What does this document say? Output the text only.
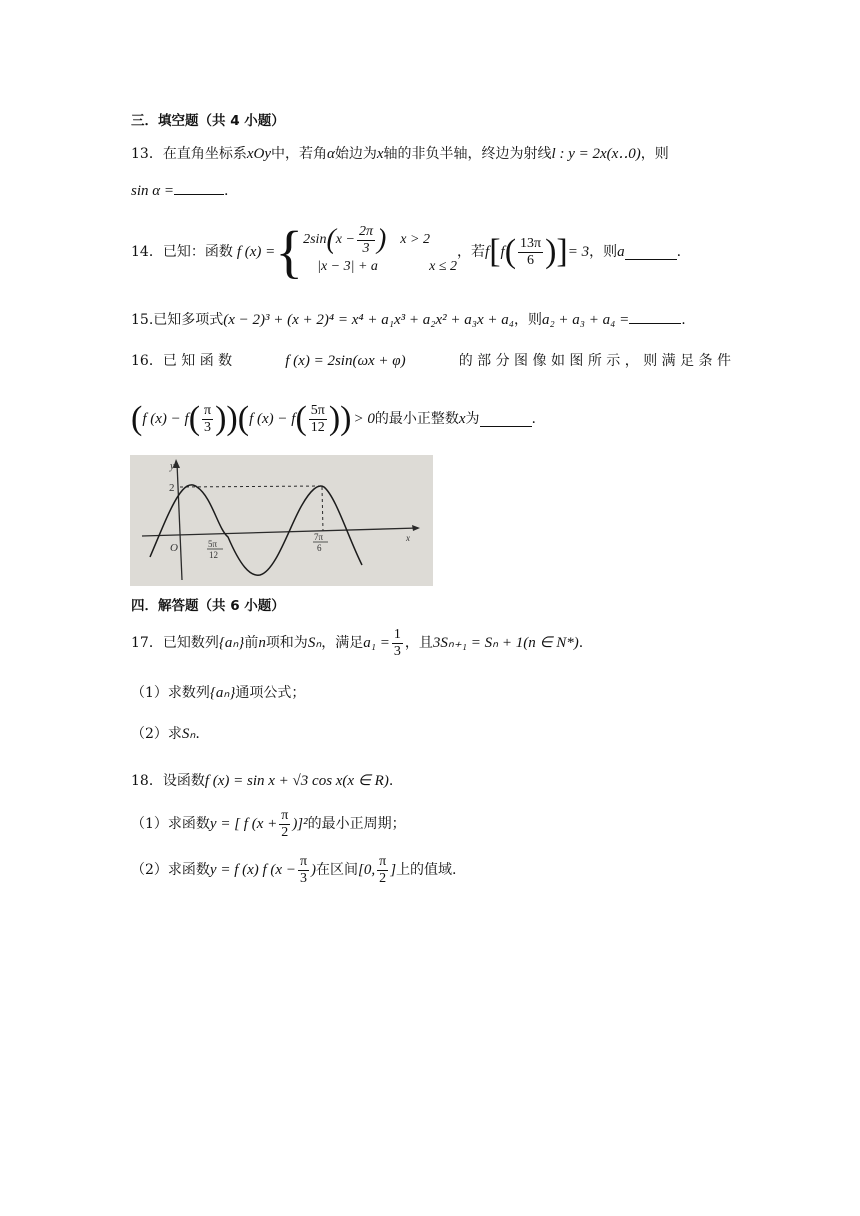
三．填空题（共 4 小题）
13．在直角坐标系xOy中，若角α始边为x轴的非负半轴，终边为射线l : y = 2x(x‥0)，则
sin α =	.
14．已知：函数 f (x) = { 2sin ( $x - \frac{2\pi}{3}$ ) x > 2
|x − 3| + a	x ≤ 2
，若 f [ f ( $\frac{13\pi}{6}$ ) ] = 3 ，则 a	.
15.已知多项式(x − 2)³ + (x + 2)⁴ = x⁴ + a₁x³ + a₂x² + a₃x + a₄，则a₂ + a₃ + a₄ =	.
16．已 知 函 数	f (x) = 2sin(ωx + φ)	的 部 分 图 像 如 图 所 示 ， 则 满 足 条 件
( f (x) − f ( $\frac{\pi}{3}$ ) ) ( f (x) − f ( $\frac{5\pi}{12}$ ) ) > 0 的最小正整数 x 为	.
y
x
O
2
5π
12
7π
6
四．解答题（共 6 小题）
17．已知数列 {aₙ} 前 n 项和为 Sₙ ，满足 $a_1 = \frac{1}{3}$ ，且 3Sₙ₊₁ = Sₙ + 1(n ∈ N*) .
（1）求数列{aₙ}通项公式；
（2）求Sₙ.
18．设函数f (x) = sin x + √3 cos x(x ∈ R).
（1）求函数 y = [ f $(x + \frac{\pi}{2} )]^2$ 的最小正周期；
（2）求函数 y = f (x) f ($x - \frac{\pi}{3}$ ) 在区间 [0, $\frac{\pi}{2}$ ] 上的值域.
